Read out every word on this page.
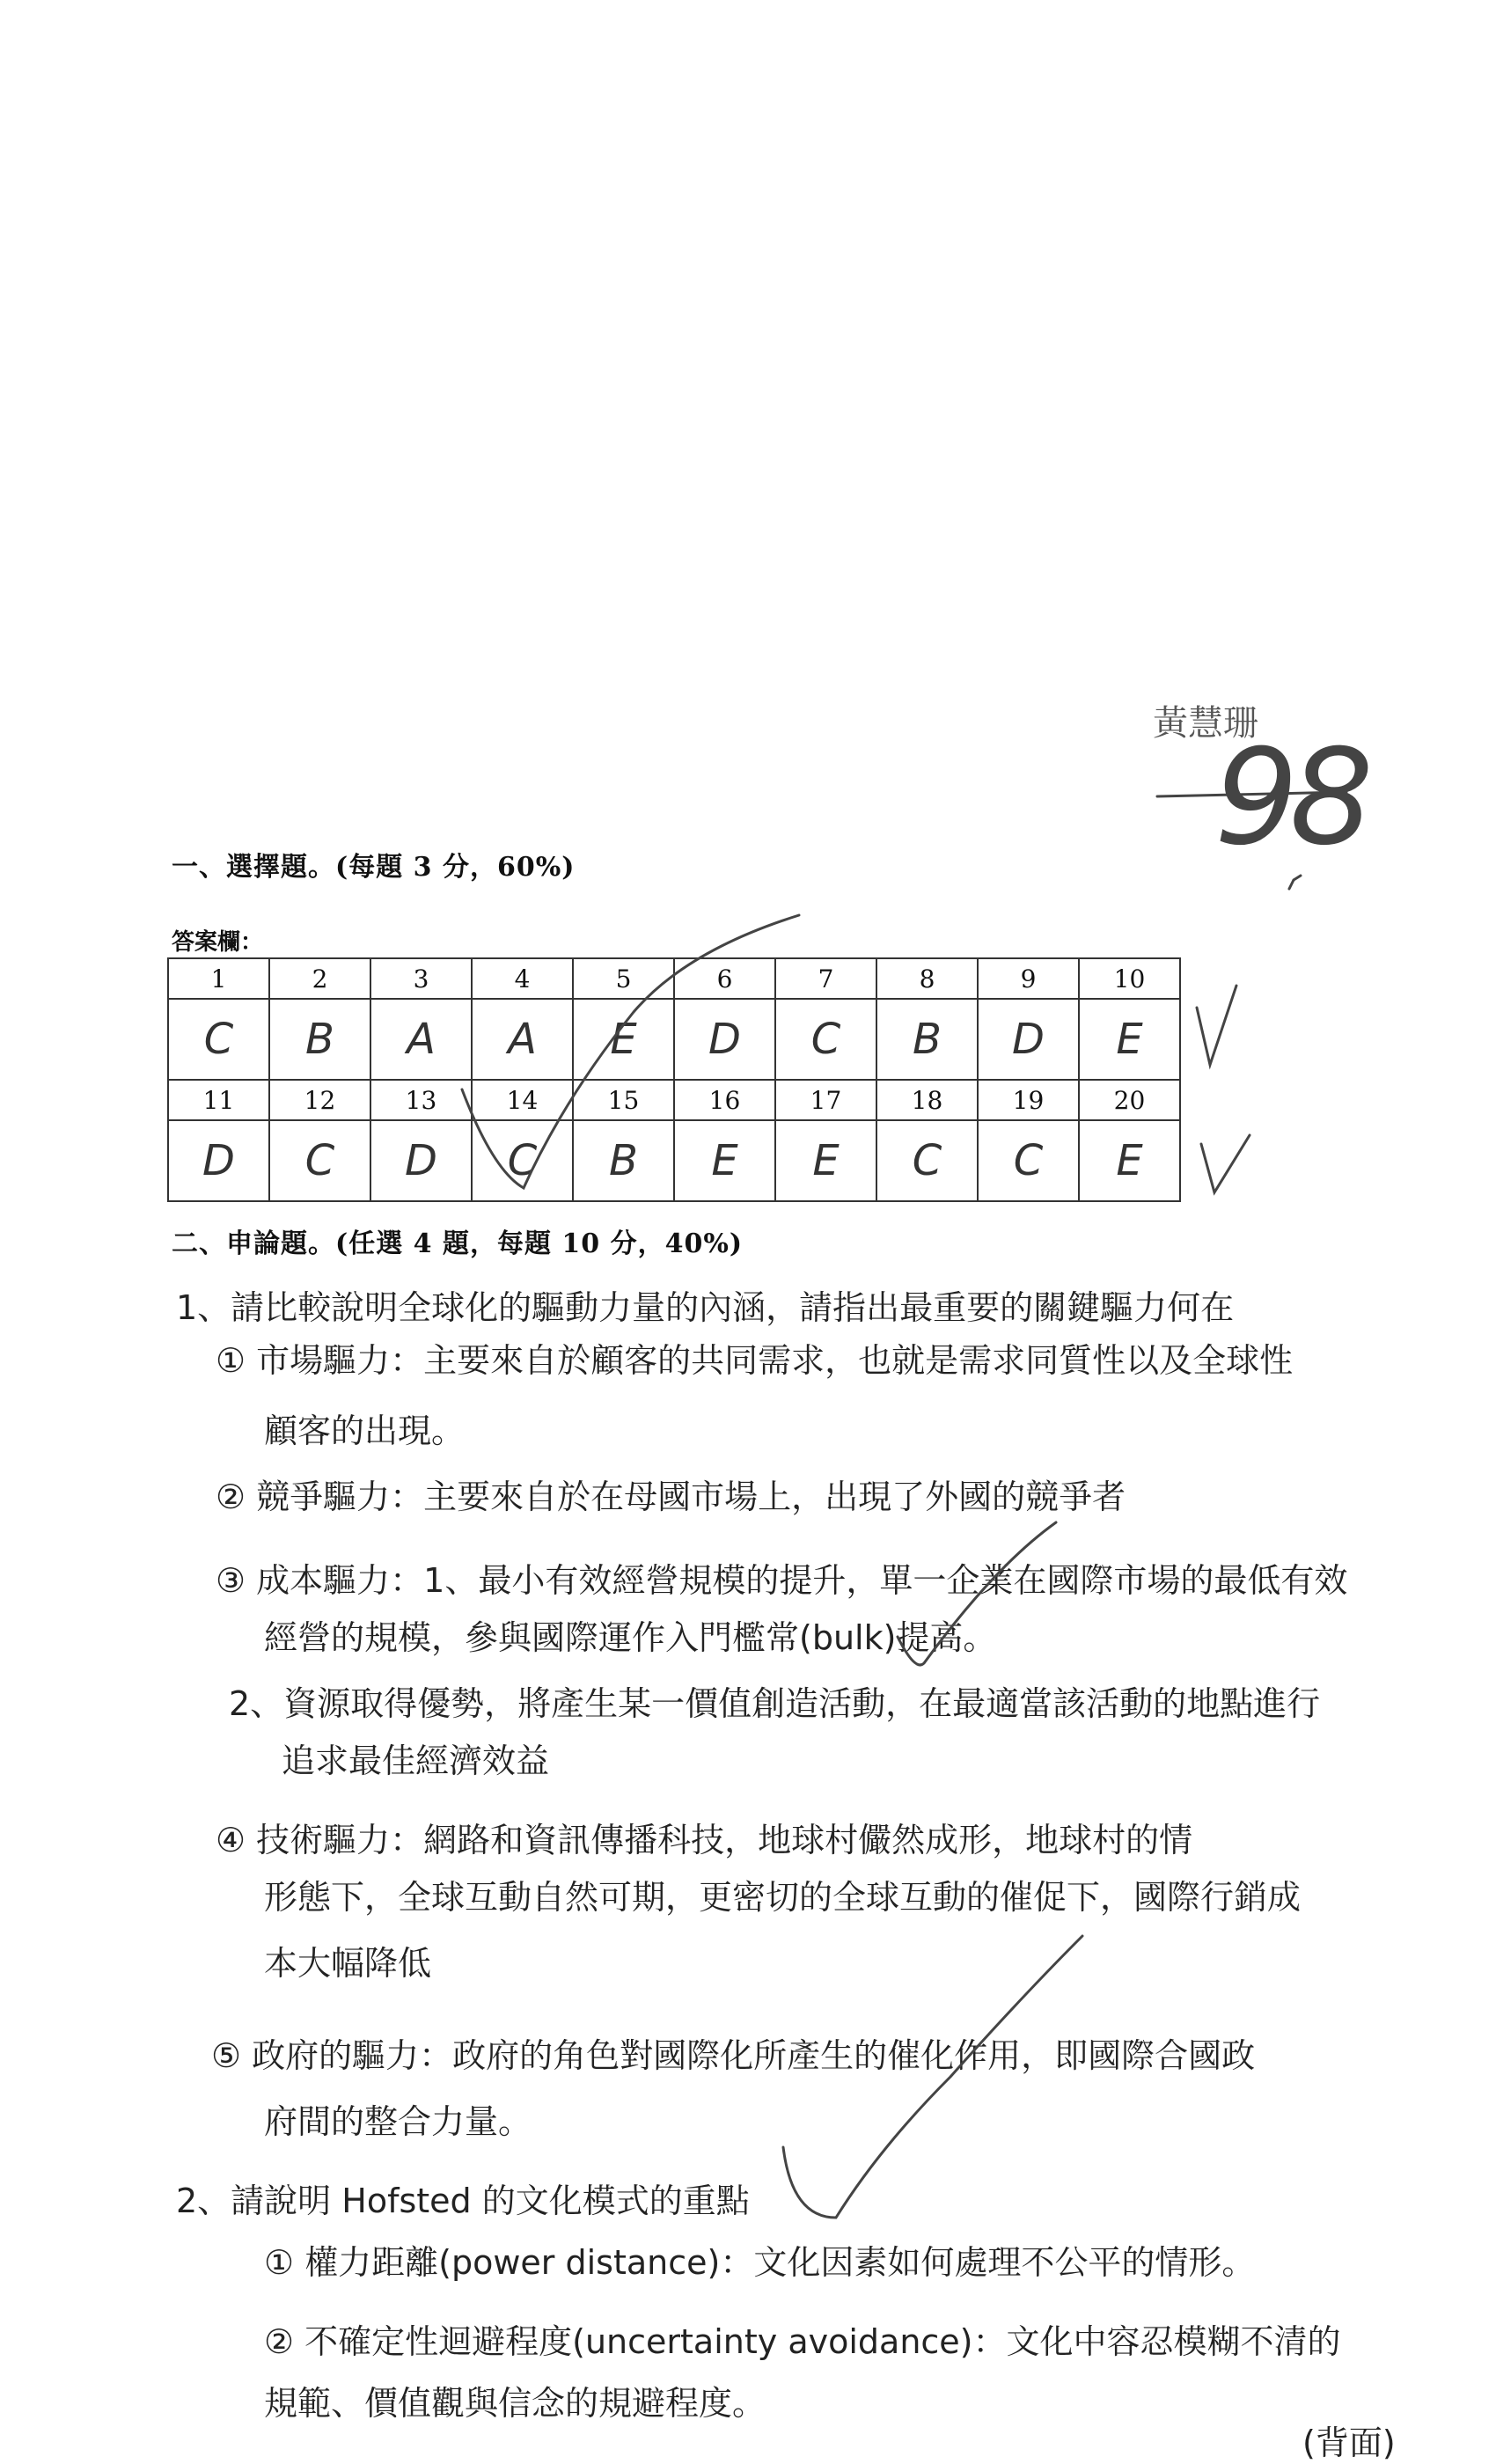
黃慧珊
98
一、選擇題。(每題 3 分，60%)
答案欄：
1	2	3	4	5	6	7	8	9	10
C	B	A	A	E	D	C	B	D	E
11	12	13	14	15	16	17	18	19	20
D	C	D	C	B	E	E	C	C	E
二、申論題。(任選 4 題，每題 10 分，40%)
1、請比較說明全球化的驅動力量的內涵，請指出最重要的關鍵驅力何在
① 市場驅力：主要來自於顧客的共同需求，也就是需求同質性以及全球性
顧客的出現。
② 競爭驅力：主要來自於在母國市場上，出現了外國的競爭者
③ 成本驅力：1、最小有效經營規模的提升，單一企業在國際市場的最低有效
經營的規模，參與國際運作入門檻常(bulk)提高。
2、資源取得優勢，將產生某一價值創造活動，在最適當該活動的地點進行
追求最佳經濟效益
④ 技術驅力：網路和資訊傳播科技，地球村儼然成形，地球村的情
形態下，全球互動自然可期，更密切的全球互動的催促下，國際行銷成
本大幅降低
⑤ 政府的驅力：政府的角色對國際化所產生的催化作用，即國際合國政
府間的整合力量。
2、請說明 Hofsted 的文化模式的重點
① 權力距離(power distance)：文化因素如何處理不公平的情形。
② 不確定性迴避程度(uncertainty avoidance)：文化中容忍模糊不清的
規範、價值觀與信念的規避程度。
(背面)
